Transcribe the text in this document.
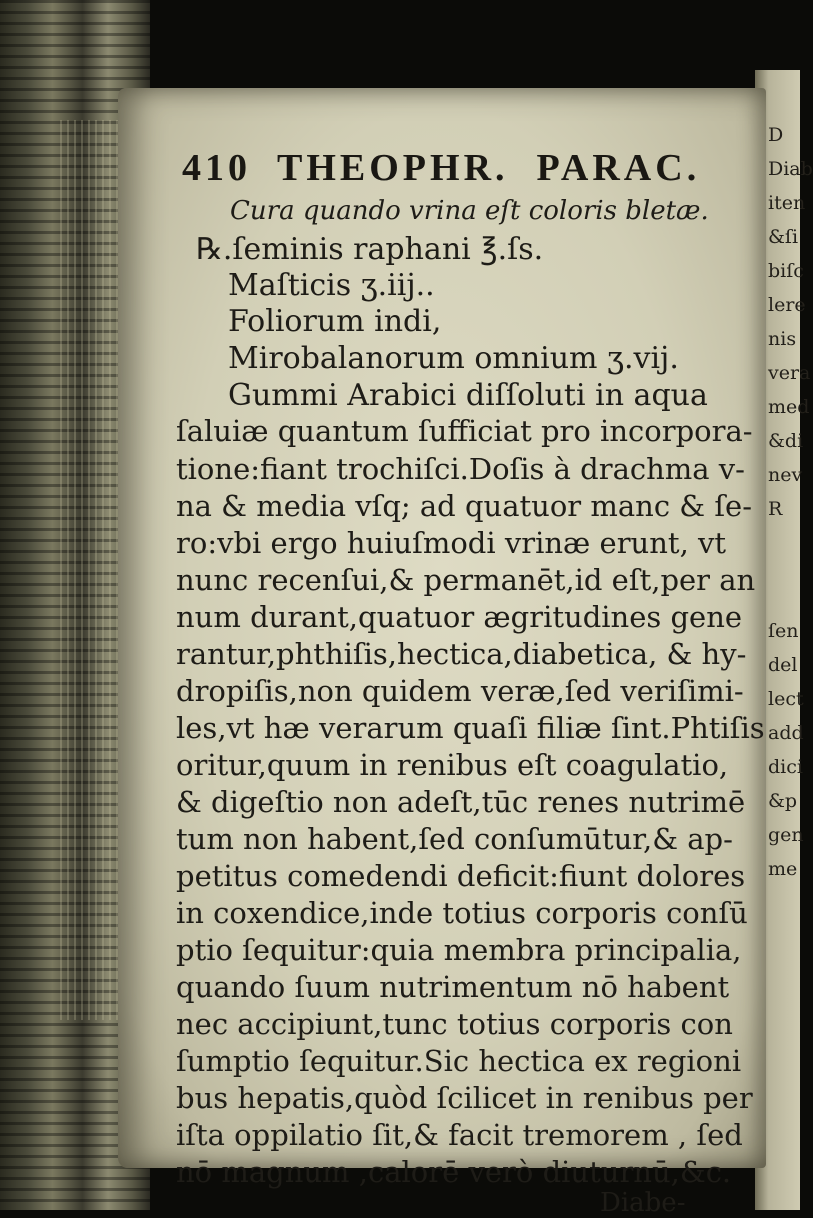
410 THEOPHR. PARAC.
Cura quando vrina eſt coloris bletæ.
℞.ſeminis raphani ℥.ſs.
Maſticis ʒ.iij..
Foliorum indi,
Mirobalanorum omnium ʒ.vij.
Gummi Arabici diſſoluti in aqua
ſaluiæ quantum ſufficiat pro incorpora-
tione:fiant trochiſci.Doſis à drachma v-
na & media vſq; ad quatuor manc & ſe-
ro:vbi ergo huiuſmodi vrinæ erunt, vt
nunc recenſui,& permanēt,id eſt,per an
num durant,quatuor ægritudines gene
rantur,phthiſis,hectica,diabetica, & hy-
dropiſis,non quidem veræ,ſed veriſimi-
les,vt hæ verarum quaſi filiæ ſint.Phtiſis
oritur,quum in renibus eſt coagulatio,
& digeſtio non adeſt,tūc renes nutrimē
tum non habent,ſed conſumūtur,& ap-
petitus comedendi deficit:fiunt dolores
in coxendice,inde totius corporis conſū
ptio ſequitur:quia membra principalia,
quando ſuum nutrimentum nō habent
nec accipiunt,tunc totius corporis con
ſumptio ſequitur.Sic hectica ex regioni
bus hepatis,quòd ſcilicet in renibus per
iſta oppilatio ſit,& facit tremorem , ſed
nō magnum ,calorē verò diuturnū,&c.
Diabe-
D
Diab
iten
&ſi
biſc
lere
nis
vera
med
&di
nev
R
ſen
del
lect
add
dici
&p
gen
me
